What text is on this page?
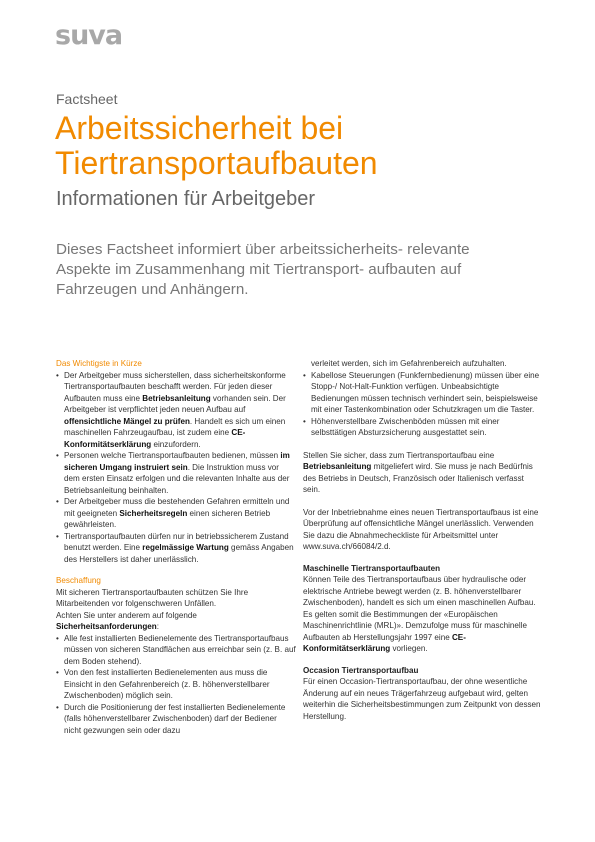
suva
Factsheet
Arbeitssicherheit bei
Tiertransportaufbauten
Informationen für Arbeitgeber

Dieses Factsheet informiert über arbeitssicherheits- relevante Aspekte im Zusammenhang mit Tiertransport- aufbauten auf Fahrzeugen und Anhängern.

Das Wichtigste in Kürze

• Der Arbeitgeber muss sicherstellen, dass sicherheitskonforme Tiertransportaufbauten beschafft werden. Für jeden dieser Aufbauten muss eine Betriebsanleitung vorhanden sein. Der Arbeitgeber ist verpflichtet jeden neuen Aufbau auf offensichtliche Mängel zu prüfen. Handelt es sich um einen maschinellen Fahrzeugaufbau, ist zudem eine CE-Konformitätserklärung einzufordern.
• Personen welche Tiertransportaufbauten bedienen, müssen im sicheren Umgang instruiert sein. Die Instruktion muss vor dem ersten Einsatz erfolgen und die relevanten Inhalte aus der Betriebsanleitung beinhalten.
• Der Arbeitgeber muss die bestehenden Gefahren ermitteln und mit geeigneten Sicherheitsregeln einen sicheren Betrieb gewährleisten.
• Tiertransportaufbauten dürfen nur in betriebssicherem Zustand benutzt werden. Eine regelmässige Wartung gemäss Angaben des Herstellers ist daher unerlässlich.

Beschaffung

Mit sicheren Tiertransportaufbauten schützen Sie Ihre Mitarbeitenden vor folgenschweren Unfällen.

Achten Sie unter anderem auf folgende Sicherheitsanforderungen:

• Alle fest installierten Bedienelemente des Tiertransportaufbaus müssen von sicheren Standflächen aus erreichbar sein (z. B. auf dem Boden stehend).
• Von den fest installierten Bedienelementen aus muss die Einsicht in den Gefahrenbereich (z. B. höhenverstellbarer Zwischenboden) möglich sein.
• Durch die Positionierung der fest installierten Bedienelemente (falls höhenverstellbarer Zwischenboden) darf der Bediener nicht gezwungen sein oder dazu

verleitet werden, sich im Gefahrenbereich aufzuhalten.

• Kabellose Steuerungen (Funkfernbedienung) müssen über eine Stopp-/ Not-Halt-Funktion verfügen. Unbeabsichtigte Bedienungen müssen technisch verhindert sein, beispielsweise mit einer Tastenkombination oder Schutzkragen um die Taster.
• Höhenverstellbare Zwischenböden müssen mit einer selbsttätigen Absturzsicherung ausgestattet sein.

Stellen Sie sicher, dass zum Tiertransportaufbau eine Betriebsanleitung mitgeliefert wird. Sie muss je nach Bedürfnis des Betriebs in Deutsch, Französisch oder Italienisch verfasst sein.

Vor der Inbetriebnahme eines neuen Tiertransportaufbaus ist eine Überprüfung auf offensichtliche Mängel unerlässlich. Verwenden Sie dazu die Abnahmecheckliste für Arbeitsmittel unter www.suva.ch/66084/2.d.

Maschinelle Tiertransportaufbauten

Können Teile des Tiertransportaufbaus über hydraulische oder elektrische Antriebe bewegt werden (z. B. höhenverstellbarer Zwischenboden), handelt es sich um einen maschinellen Aufbau. Es gelten somit die Bestimmungen der «Europäischen Maschinenrichtlinie (MRL)». Demzufolge muss für maschinelle Aufbauten ab Herstellungsjahr 1997 eine CE-Konformitätserklärung vorliegen.

Occasion Tiertransportaufbau

Für einen Occasion-Tiertransportaufbau, der ohne wesentliche Änderung auf ein neues Trägerfahrzeug aufgebaut wird, gelten weiterhin die Sicherheitsbestimmungen zum Zeitpunkt von dessen Herstellung.
